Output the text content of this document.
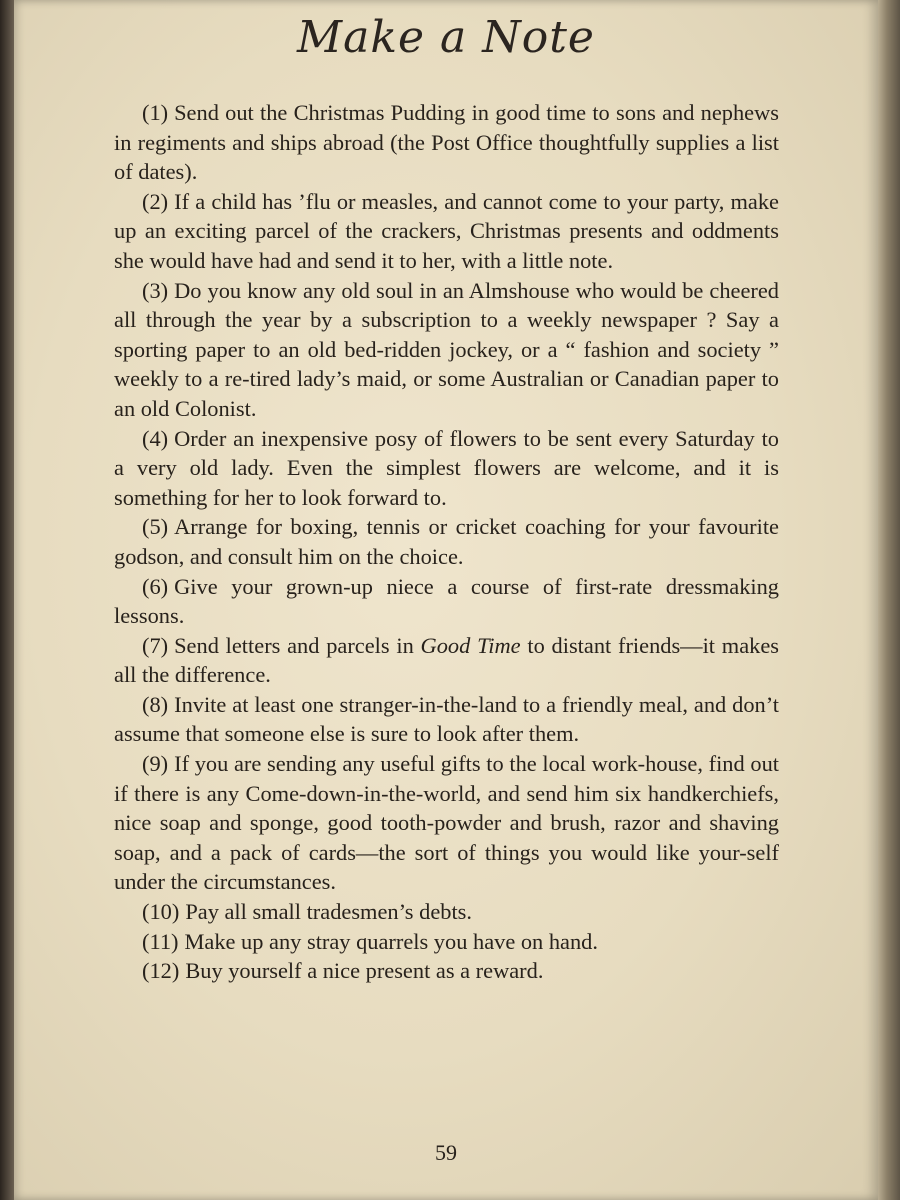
Make a Note

(1) Send out the Christmas Pudding in good time to sons and nephews in regiments and ships abroad (the Post Office thoughtfully supplies a list of dates).

(2) If a child has ’flu or measles, and cannot come to your party, make up an exciting parcel of the crackers, Christmas presents and oddments she would have had and send it to her, with a little note.

(3) Do you know any old soul in an Almshouse who would be cheered all through the year by a subscription to a weekly newspaper ? Say a sporting paper to an old bed-ridden jockey, or a “ fashion and society ” weekly to a re-tired lady’s maid, or some Australian or Canadian paper to an old Colonist.

(4) Order an inexpensive posy of flowers to be sent every Saturday to a very old lady. Even the simplest flowers are welcome, and it is something for her to look forward to.

(5) Arrange for boxing, tennis or cricket coaching for your favourite godson, and consult him on the choice.

(6) Give your grown-up niece a course of first-rate dressmaking lessons.

(7) Send letters and parcels in Good Time to distant friends—it makes all the difference.

(8) Invite at least one stranger-in-the-land to a friendly meal, and don’t assume that someone else is sure to look after them.

(9) If you are sending any useful gifts to the local work-house, find out if there is any Come-down-in-the-world, and send him six handkerchiefs, nice soap and sponge, good tooth-powder and brush, razor and shaving soap, and a pack of cards—the sort of things you would like your-self under the circumstances.

(10) Pay all small tradesmen’s debts.

(11) Make up any stray quarrels you have on hand.

(12) Buy yourself a nice present as a reward.

59
